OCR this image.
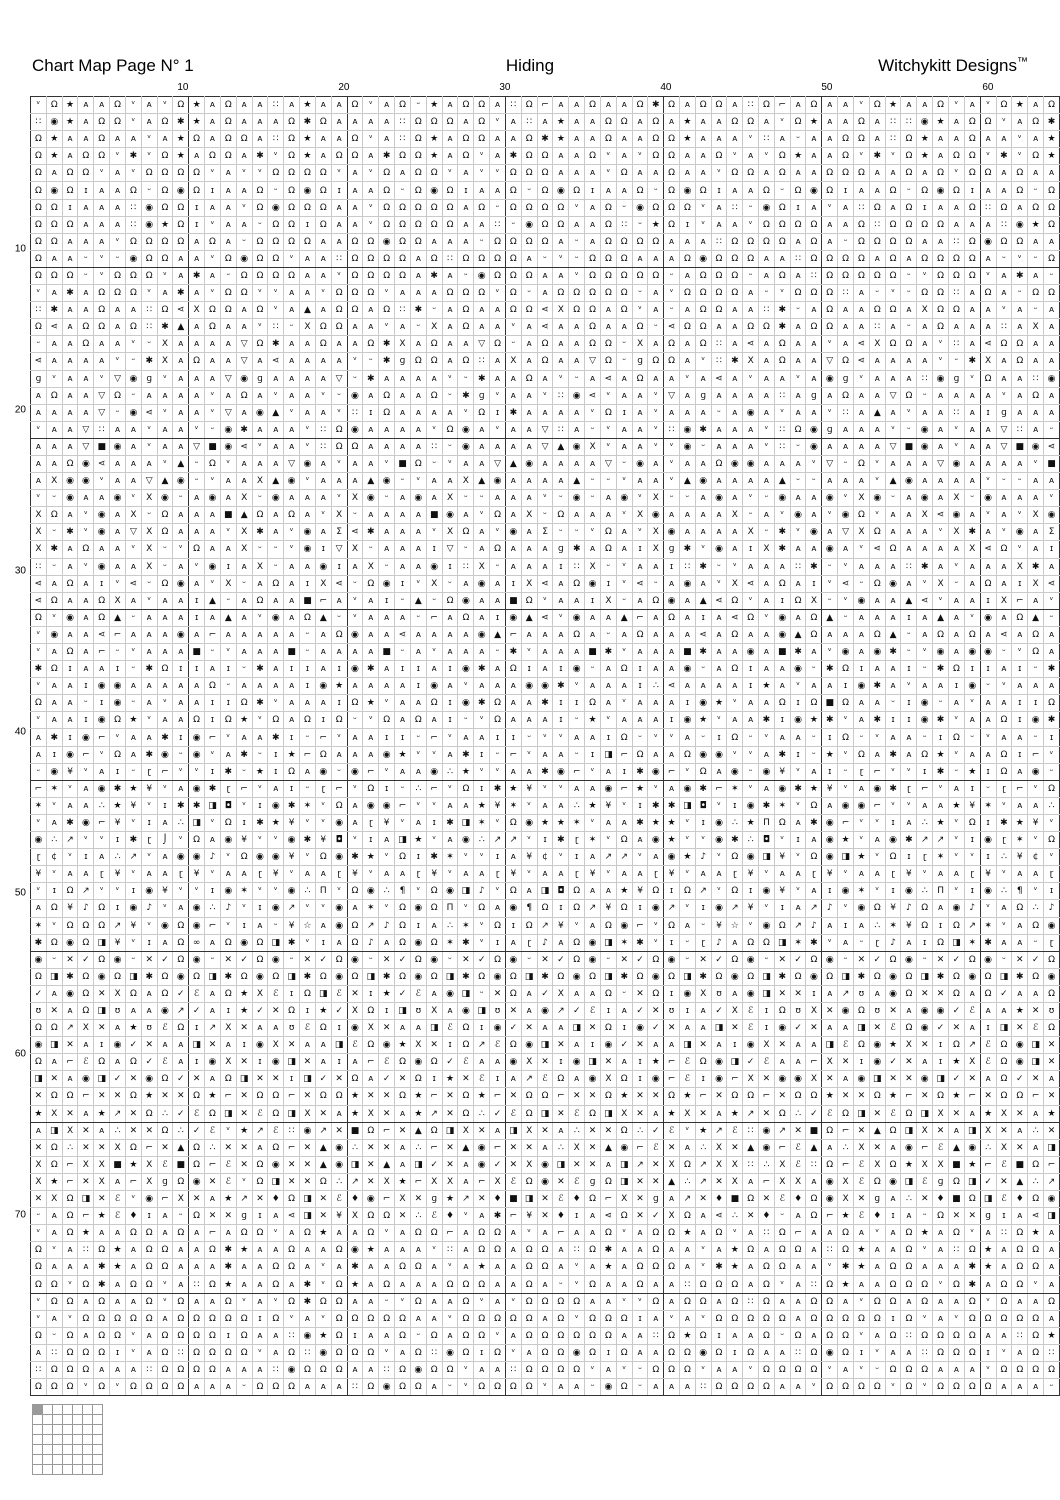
Chart Map Page N° 1	Hiding	Witchykitt Designs™
10	20	30	40	50	60
10
20
30
40
50
60
70
ᵛ	Ω	★	ᴀ	ᴀ	Ω	ᵛ	ᴀ	ᵛ	Ω	★	ᴀ	Ω	ᴀ	ᴀ	∷	ᴀ	★	ᴀ	ᴀ	Ω	ᵛ	ᴀ	Ω	ᵕ	★	ᴀ	Ω	Ω	ᴀ	∷	Ω	⌐	ᴀ	ᴀ	Ω	ᴀ	ᴀ	Ω	✱	Ω	ᴀ	Ω	Ω	ᴀ	∷	Ω	⌐	ᴀ	Ω	ᴀ	ᴀ	ᵛ	Ω	★	ᴀ	ᴀ	Ω	ᵛ	ᴀ	ᵛ	Ω	★	ᴀ	Ω
∷	◉	★	ᴀ	Ω	Ω	ᵛ	ᴀ	Ω	✱	★	ᴀ	Ω	ᴀ	ᴀ	ᴀ	Ω	✱	Ω	ᴀ	ᴀ	ᴀ	ᴀ	∷	Ω	Ω	Ω	ᴀ	Ω	ᵛ	ᴀ	∷	ᴀ	★	ᴀ	ᴀ	Ω	Ω	ᴀ	Ω	ᴀ	★	ᴀ	ᴀ	Ω	Ω	ᴀ	ᵛ	Ω	★	ᴀ	ᴀ	Ω	ᴀ	∷	∷	◉	★	ᴀ	Ω	Ω	ᵛ	ᴀ	Ω	✱
Ω	★	ᴀ	ᴀ	Ω	ᴀ	ᴀ	ᵛ	ᴀ	★	Ω	ᴀ	Ω	Ω	ᴀ	∷	Ω	★	ᴀ	ᴀ	Ω	ᵛ	ᴀ	∷	Ω	★	ᴀ	Ω	Ω	ᴀ	ᴀ	Ω	✱	★	ᴀ	ᴀ	Ω	ᴀ	ᴀ	Ω	Ω	★	ᴀ	ᴀ	ᴀ	ᵛ	∷	ᴀ	ᵕ	ᴀ	ᴀ	Ω	Ω	ᴀ	∷	Ω	★	ᴀ	ᴀ	Ω	ᴀ	ᴀ	ᵛ	ᴀ	★
Ω	★	ᴀ	Ω	Ω	ᵛ	✱	ᵛ	Ω	★	ᴀ	Ω	Ω	ᴀ	✱	ᵛ	Ω	★	ᴀ	Ω	Ω	ᴀ	✱	Ω	Ω	★	ᴀ	Ω	ᵛ	ᴀ	✱	Ω	Ω	ᴀ	ᴀ	Ω	ᵛ	ᴀ	ᵛ	Ω	Ω	ᴀ	ᴀ	Ω	ᵛ	ᴀ	ᵛ	Ω	★	ᴀ	ᴀ	Ω	ᵛ	✱	ᵛ	Ω	★	ᴀ	Ω	Ω	ᵛ	✱	ᵛ	Ω	★
Ω	ᴀ	Ω	Ω	ᵛ	ᴀ	ᵛ	Ω	Ω	Ω	Ω	ᵛ	ᴀ	ᵛ	ᵛ	Ω	Ω	Ω	Ω	ᵛ	ᴀ	ᵛ	Ω	ᴀ	Ω	Ω	ᵛ	ᴀ	ᵛ	ᵛ	Ω	Ω	Ω	ᴀ	ᴀ	ᴀ	ᵛ	Ω	ᴀ	ᴀ	Ω	ᴀ	ᴀ	ᵛ	Ω	Ω	ᴀ	Ω	ᴀ	ᴀ	Ω	Ω	Ω	ᴀ	ᴀ	Ω	ᴀ	Ω	ᵛ	Ω	Ω	ᴀ	Ω	ᴀ	ᴀ
Ω	◉	Ω	ɪ	ᴀ	ᴀ	Ω	ᵕ	Ω	◉	Ω	ɪ	ᴀ	ᴀ	Ω	ᵕ	Ω	◉	Ω	ɪ	ᴀ	ᴀ	Ω	ᵕ	Ω	◉	Ω	ɪ	ᴀ	ᴀ	Ω	ᵕ	Ω	◉	Ω	ɪ	ᴀ	ᴀ	Ω	ᵕ	Ω	◉	Ω	ɪ	ᴀ	ᴀ	Ω	ᵕ	Ω	◉	Ω	ɪ	ᴀ	ᴀ	Ω	ᵕ	Ω	◉	Ω	ɪ	ᴀ	ᴀ	Ω	ᵕ	Ω
Ω	Ω	ɪ	ᴀ	ᴀ	ᴀ	∷	◉	Ω	Ω	ɪ	ᴀ	ᴀ	ᵛ	Ω	◉	Ω	Ω	Ω	ᴀ	ᴀ	ᵛ	Ω	Ω	Ω	Ω	Ω	ᴀ	Ω	ᵕ	Ω	Ω	Ω	Ω	ᵛ	ᴀ	Ω	ᵕ	◉	Ω	Ω	Ω	ᵛ	ᴀ	∷	ᵕ	◉	Ω	ɪ	ᴀ	ᵛ	ᴀ	∷	Ω	ᴀ	Ω	ɪ	ᴀ	ᴀ	Ω	∷	Ω	ᴀ	Ω	Ω
Ω	Ω	Ω	ᴀ	ᴀ	ᴀ	∷	◉	★	Ω	ɪ	ᵛ	ᴀ	ᴀ	ᵕ	Ω	Ω	ɪ	Ω	ᴀ	ᴀ	ᵛ	Ω	Ω	Ω	Ω	Ω	ᴀ	ᴀ	∷	ᵕ	◉	Ω	Ω	ᴀ	ᴀ	Ω	∷	ᵕ	★	Ω	ɪ	ᵛ	ᴀ	ᴀ	ᵛ	Ω	Ω	Ω	Ω	ᴀ	ᴀ	Ω	∷	Ω	Ω	Ω	Ω	ᴀ	ᴀ	ᴀ	∷	◉	★	Ω
Ω	Ω	ᴀ	ᴀ	ᴀ	ᵛ	Ω	Ω	Ω	Ω	ᴀ	Ω	ᴀ	ᵕ	Ω	Ω	Ω	Ω	ᴀ	ᴀ	Ω	Ω	◉	Ω	Ω	ᴀ	ᴀ	ᴀ	ᵕ	Ω	Ω	Ω	Ω	ᴀ	ᵕ	ᴀ	Ω	Ω	Ω	Ω	ᴀ	ᴀ	ᴀ	∷	Ω	Ω	Ω	Ω	ᴀ	Ω	ᴀ	ᵕ	Ω	Ω	Ω	Ω	ᴀ	ᴀ	∷	Ω	◉	Ω	Ω	ᴀ	ᴀ
Ω	ᴀ	ᴀ	ᵕ	ᵛ	ᵕ	◉	Ω	Ω	ᴀ	ᴀ	ᵛ	Ω	◉	Ω	Ω	ᵛ	ᴀ	ᴀ	∷	Ω	Ω	Ω	Ω	ᴀ	Ω	∷	Ω	Ω	Ω	Ω	ᴀ	ᵕ	ᵛ	ᵕ	Ω	Ω	Ω	ᴀ	ᴀ	ᴀ	Ω	◉	Ω	Ω	Ω	ᴀ	ᴀ	∷	Ω	Ω	Ω	Ω	ᴀ	Ω	ᴀ	Ω	Ω	Ω	Ω	ᴀ	ᵕ	ᵛ	ᵕ	Ω
Ω	Ω	Ω	ᵕ	ᵛ	Ω	Ω	Ω	ᵛ	ᴀ	✱	ᴀ	ᵕ	Ω	Ω	Ω	Ω	ᴀ	ᴀ	ᵛ	Ω	Ω	Ω	Ω	ᴀ	✱	ᴀ	ᵕ	◉	Ω	Ω	Ω	ᴀ	ᴀ	ᵛ	Ω	Ω	Ω	Ω	Ω	ᵕ	ᴀ	Ω	Ω	Ω	ᵕ	ᴀ	Ω	ᴀ	∷	Ω	Ω	Ω	Ω	Ω	ᵕ	ᵛ	Ω	Ω	Ω	ᵛ	ᴀ	✱	ᴀ	ᵕ
ᵛ	ᴀ	✱	ᴀ	Ω	Ω	Ω	ᵛ	ᴀ	✱	ᴀ	ᵛ	Ω	Ω	ᵛ	ᵛ	ᴀ	ᴀ	ᵛ	Ω	Ω	Ω	ᵛ	ᴀ	ᴀ	ᴀ	Ω	Ω	Ω	ᵛ	Ω	ᵕ	ᴀ	Ω	Ω	Ω	Ω	Ω	ᵕ	ᴀ	ᵛ	Ω	Ω	Ω	Ω	ᴀ	ᵕ	ᵛ	Ω	Ω	Ω	∷	ᴀ	ᵕ	ᵛ	ᵕ	Ω	Ω	∷	ᴀ	Ω	ᴀ	ᵕ	Ω	Ω
∷	✱	ᴀ	ᴀ	Ω	ᴀ	ᴀ	∷	Ω	⋖	Χ	Ω	Ω	ᴀ	Ω	ᵛ	ᴀ	▲	ᴀ	Ω	Ω	ᴀ	Ω	∷	✱	ᵕ	ᴀ	Ω	ᴀ	ᴀ	Ω	Ω	⋖	Χ	Ω	Ω	ᴀ	Ω	ᵛ	ᴀ	ᵕ	ᴀ	Ω	Ω	ᴀ	ᴀ	∷	✱	ᵕ	ᴀ	Ω	ᴀ	ᴀ	Ω	Ω	ᴀ	Χ	Ω	Ω	ᴀ	ᴀ	ᵛ	ᴀ	ᵕ	ᴀ
Ω	⋖	ᴀ	Ω	Ω	ᴀ	Ω	∷	✱	▲	ᴀ	Ω	ᴀ	ᴀ	ᵛ	∷	ᵕ	Χ	Ω	Ω	ᴀ	ᴀ	ᵛ	ᴀ	ᵕ	Χ	ᴀ	Ω	ᴀ	ᴀ	ᵛ	ᴀ	⋖	ᴀ	ᴀ	Ω	ᴀ	ᴀ	Ω	ᵕ	⋖	Ω	Ω	ᴀ	ᴀ	Ω	Ω	✱	ᴀ	Ω	Ω	ᴀ	ᴀ	∷	ᴀ	ᵕ	ᴀ	Ω	ᴀ	ᴀ	ᴀ	∷	ᴀ	Χ	ᴀ
ᵕ	ᴀ	ᴀ	Ω	ᴀ	ᴀ	ᵛ	ᵕ	Χ	ᴀ	ᴀ	ᴀ	ᴀ	▽	Ω	✱	ᴀ	ᴀ	Ω	ᴀ	ᴀ	Ω	✱	Χ	ᴀ	Ω	ᴀ	ᴀ	▽	Ω	ᵕ	ᴀ	Ω	ᴀ	ᴀ	Ω	Ω	ᵕ	Χ	ᴀ	Ω	ᴀ	Ω	∷	ᴀ	⋖	ᴀ	Ω	ᴀ	ᴀ	ᵛ	ᴀ	⋖	Χ	Ω	Ω	ᴀ	ᵛ	∷	ᴀ	⋖	Ω	Ω	ᴀ	ᴀ
⋖	ᴀ	ᴀ	ᴀ	ᴀ	ᵛ	ᵕ	✱	Χ	ᴀ	Ω	ᴀ	ᴀ	▽	ᴀ	⋖	ᴀ	ᴀ	ᴀ	ᴀ	ᵛ	ᵕ	✱	ɡ	Ω	Ω	ᴀ	Ω	∷	ᴀ	Χ	ᴀ	Ω	ᴀ	ᴀ	▽	Ω	ᵕ	ɡ	Ω	Ω	ᴀ	ᵛ	∷	✱	Χ	ᴀ	Ω	ᴀ	ᴀ	▽	Ω	⋖	ᴀ	ᴀ	ᴀ	ᴀ	ᵛ	ᵕ	✱	Χ	ᴀ	Ω	ᴀ	ᴀ
ɡ	ᵛ	ᴀ	ᴀ	ᵛ	▽	◉	ɡ	ᵛ	ᴀ	ᴀ	ᴀ	▽	◉	ɡ	ᴀ	ᴀ	ᴀ	ᴀ	▽	ᵕ	✱	ᴀ	ᴀ	ᴀ	ᴀ	ᵛ	ᵕ	✱	ᴀ	ᴀ	Ω	ᴀ	ᵛ	ᵕ	ᴀ	⋖	ᴀ	Ω	ᴀ	ᴀ	ᵛ	ᴀ	⋖	ᴀ	ᵛ	ᴀ	ᴀ	ᵛ	ᴀ	◉	ɡ	ᵛ	ᴀ	ᴀ	ᴀ	∷	◉	ɡ	ᵛ	Ω	ᴀ	ᴀ	∷	◉
ᴀ	Ω	ᴀ	ᴀ	▽	Ω	ᵕ	ᴀ	ᴀ	ᴀ	ᴀ	ᵛ	ᴀ	Ω	ᴀ	ᵛ	ᴀ	ᴀ	ᵛ	ᵕ	◉	ᴀ	Ω	ᴀ	ᴀ	Ω	ᵕ	✱	ɡ	ᵛ	ᴀ	ᴀ	ᵛ	∷	◉	⋖	ᵛ	ᴀ	ᴀ	ᵛ	▽	ᴀ	ɡ	ᴀ	ᴀ	ᴀ	ᴀ	∷	ᴀ	ɡ	ᴀ	Ω	ᴀ	ᴀ	▽	Ω	ᵕ	ᴀ	ᴀ	ᴀ	ᴀ	ᵛ	ᴀ	Ω	ᴀ
ᴀ	ᴀ	ᴀ	ᴀ	▽	ᵕ	◉	⋖	ᵛ	ᴀ	ᴀ	ᵛ	▽	ᴀ	◉	▲	ᵛ	ᴀ	ᴀ	ᵛ	∷	ɪ	Ω	ᴀ	ᴀ	ᴀ	ᴀ	ᵛ	Ω	ɪ	✱	ᴀ	ᴀ	ᴀ	ᴀ	ᵛ	Ω	ɪ	ᴀ	ᵛ	ᴀ	ᴀ	ᴀ	ᵕ	ᴀ	◉	ᴀ	ᵛ	ᴀ	ᴀ	ᵛ	∷	ᴀ	▲	ᴀ	ᵛ	ᴀ	ᴀ	∷	ᴀ	ɪ	ɡ	ᴀ	ᴀ	ᴀ
ᵛ	ᴀ	ᴀ	▽	∷	ᴀ	ᴀ	ᵛ	ᴀ	ᴀ	ᵛ	ᵕ	◉	✱	ᴀ	ᴀ	ᴀ	ᵛ	∷	Ω	◉	ᴀ	ᴀ	ᴀ	ᴀ	ᵛ	Ω	◉	ᴀ	ᵛ	ᴀ	ᴀ	▽	∷	ᴀ	ᵕ	ᵛ	ᴀ	ᴀ	ᵛ	∷	◉	✱	ᴀ	ᴀ	ᴀ	ᵛ	∷	Ω	◉	ɡ	ᴀ	ᴀ	ᴀ	ᵛ	ᵕ	◉	ᴀ	ᵛ	ᴀ	ᴀ	▽	∷	ᴀ	ᵕ
ᴀ	ᴀ	ᴀ	▽	■	◉	ᴀ	ᵛ	ᴀ	ᴀ	▽	■	◉	⋖	ᵛ	ᴀ	ᴀ	ᵛ	∷	Ω	Ω	ᴀ	ᴀ	ᴀ	ᴀ	∷	ᵕ	◉	ᴀ	ᴀ	ᴀ	ᴀ	▽	▲	◉	Χ	ᵛ	ᴀ	ᴀ	ᵛ	ᵛ	◉	ᵕ	ᴀ	ᴀ	ᴀ	ᵛ	∷	ᵕ	◉	ᴀ	ᴀ	ᴀ	ᴀ	▽	■	◉	ᴀ	ᵛ	ᴀ	ᴀ	▽	■	◉	⋖
ᴀ	ᴀ	Ω	◉	⋖	ᴀ	ᴀ	ᴀ	ᵛ	▲	ᵕ	Ω	ᵛ	ᴀ	ᴀ	ᴀ	▽	◉	ᴀ	ᵛ	ᴀ	ᴀ	ᵛ	■	Ω	ᵕ	ᵛ	ᴀ	ᴀ	▽	▲	◉	ᴀ	ᴀ	ᴀ	ᴀ	▽	ᵕ	◉	ᴀ	ᵛ	ᴀ	ᴀ	Ω	◉	◉	ᴀ	ᴀ	ᴀ	ᵛ	▽	ᵕ	Ω	ᵛ	ᴀ	ᴀ	ᴀ	▽	◉	ᴀ	ᴀ	ᴀ	ᴀ	ᵛ	■
ᴀ	Χ	◉	◉	ᵛ	ᴀ	ᴀ	▽	▲	◉	ᵕ	ᵛ	ᴀ	ᴀ	Χ	▲	◉	ᵛ	ᴀ	ᴀ	ᴀ	▲	◉	ᵕ	ᵛ	ᴀ	ᴀ	Χ	▲	◉	ᴀ	ᴀ	ᴀ	ᴀ	▲	ᵕ	ᵕ	ᵛ	ᴀ	ᴀ	ᵛ	▲	◉	ᴀ	ᴀ	ᴀ	ᴀ	▲	ᵕ	ᵕ	ᴀ	ᴀ	ᴀ	ᵛ	▲	◉	ᴀ	ᴀ	ᴀ	ᴀ	ᵛ	ᵕ	ᵕ	ᴀ	ᴀ
ᵛ	ᵕ	◉	ᴀ	ᴀ	◉	ᵛ	Χ	◉	ᵕ	ᴀ	◉	ᴀ	Χ	ᵕ	◉	ᴀ	ᴀ	ᴀ	ᵛ	Χ	◉	ᵕ	ᴀ	◉	ᴀ	Χ	ᵕ	ᵕ	ᴀ	ᴀ	ᴀ	ᵛ	ᵕ	◉	ᵕ	ᴀ	◉	ᵛ	Χ	ᵕ	ᵕ	ᴀ	◉	ᴀ	ᵛ	ᵕ	◉	ᴀ	ᴀ	◉	ᵛ	Χ	◉	ᵕ	ᴀ	◉	ᴀ	Χ	ᵕ	◉	ᴀ	ᴀ	ᴀ	ᵛ
Χ	Ω	ᴀ	ᵛ	◉	ᴀ	Χ	ᵕ	Ω	ᴀ	ᴀ	ᴀ	■	▲	Ω	ᴀ	Ω	ᴀ	ᵛ	Χ	ᵕ	ᴀ	ᴀ	ᴀ	ᴀ	■	◉	ᴀ	ᵛ	Ω	ᴀ	Χ	ᵕ	Ω	ᴀ	ᴀ	ᴀ	ᵛ	Χ	◉	ᴀ	ᴀ	ᴀ	ᴀ	Χ	ᵕ	ᴀ	ᵛ	◉	ᴀ	ᵛ	◉	Ω	ᵛ	ᴀ	ᴀ	Χ	⋖	◉	ᴀ	ᵛ	ᴀ	ᵛ	Χ	◉
Χ	ᵕ	✱	ᵛ	◉	ᴀ	▽	Χ	Ω	ᴀ	ᴀ	ᴀ	ᵛ	Χ	✱	ᴀ	ᵛ	◉	ᴀ	Σ	⋖	✱	ᴀ	ᴀ	ᴀ	ᵛ	Χ	Ω	ᴀ	ᵛ	◉	ᴀ	Σ	ᵕ	ᵕ	ᵛ	Ω	ᴀ	ᵛ	Χ	◉	ᴀ	ᴀ	ᴀ	ᴀ	Χ	ᵕ	✱	ᵛ	◉	ᴀ	▽	Χ	Ω	ᴀ	ᴀ	ᴀ	ᵛ	Χ	✱	ᴀ	ᵛ	◉	ᴀ	Σ
Χ	✱	ᴀ	Ω	ᴀ	ᴀ	ᵛ	Χ	ᵕ	ᵛ	Ω	ᴀ	ᴀ	Χ	ᵕ	ᵕ	ᵛ	◉	ɪ	▽	Χ	ᵕ	ᴀ	ᴀ	ᴀ	ɪ	▽	ᵕ	ᴀ	Ω	ᴀ	ᴀ	ᴀ	ɡ	✱	ᴀ	Ω	ᴀ	ɪ	Χ	ɡ	✱	ᵛ	◉	ᴀ	ɪ	Χ	✱	ᴀ	ᴀ	◉	ᴀ	ᵛ	⋖	Ω	ᴀ	ᴀ	ᴀ	ᴀ	Χ	⋖	Ω	ᵛ	ᴀ	ɪ
∷	ᵕ	ᴀ	ᵛ	◉	ᴀ	ᴀ	Χ	ᵕ	ᴀ	ᵛ	◉	ɪ	ᴀ	Χ	ᵕ	ᴀ	ᴀ	◉	ɪ	ᴀ	Χ	ᵕ	ᴀ	ᴀ	◉	ɪ	∷	Χ	ᵕ	ᴀ	ᴀ	ᴀ	ɪ	∷	Χ	ᵕ	ᵛ	ᴀ	ᴀ	ɪ	∷	✱	ᵕ	ᵛ	ᴀ	ᴀ	ᴀ	∷	✱	ᵕ	ᵛ	ᴀ	ᴀ	ᴀ	∷	✱	ᴀ	ᵛ	ᴀ	ᴀ	ᴀ	Χ	✱	ᴀ
⋖	ᴀ	Ω	ᴀ	ɪ	ᵛ	⋖	ᵕ	Ω	◉	ᴀ	ᵛ	Χ	ᵕ	ᴀ	Ω	ᴀ	ɪ	Χ	⋖	ᵕ	Ω	◉	ɪ	ᵛ	Χ	ᵕ	ᴀ	◉	ᴀ	ɪ	Χ	⋖	ᴀ	Ω	◉	ɪ	ᵛ	⋖	ᵕ	ᴀ	◉	ᴀ	ᵛ	Χ	⋖	ᴀ	Ω	ᴀ	ɪ	ᵛ	⋖	ᵕ	Ω	◉	ᴀ	ᵛ	Χ	ᵕ	ᴀ	Ω	ᴀ	ɪ	Χ	⋖
⋖	Ω	ᴀ	ᴀ	Ω	Χ	ᴀ	ᵛ	ᴀ	ᴀ	ɪ	▲	ᵕ	ᴀ	Ω	ᴀ	ᴀ	■	⌐	ᴀ	ᵛ	ᴀ	ɪ	ᵕ	▲	ᵕ	Ω	◉	ᴀ	ᴀ	■	Ω	ᵛ	ᴀ	ᴀ	ɪ	Χ	ᵕ	ᴀ	Ω	◉	ᴀ	▲	⋖	Ω	ᵛ	ᴀ	ɪ	Ω	Χ	ᵕ	ᵛ	◉	ᴀ	ᴀ	▲	⋖	ᵛ	ᴀ	ᴀ	ɪ	Χ	⌐	ᴀ	ᵛ
Ω	ᵛ	◉	ᴀ	Ω	▲	ᵕ	ᴀ	ᴀ	ᴀ	ɪ	ᴀ	▲	ᴀ	ᵛ	◉	ᴀ	Ω	▲	ᵕ	ᵛ	ᴀ	ᴀ	ᴀ	ᵕ	⌐	ᴀ	Ω	ᴀ	ɪ	◉	▲	⋖	ᵛ	◉	ᴀ	ᴀ	▲	⌐	ᴀ	Ω	ᴀ	ɪ	ᴀ	⋖	Ω	ᵛ	◉	ᴀ	Ω	▲	ᵕ	ᴀ	ᴀ	ᴀ	ɪ	ᴀ	▲	ᴀ	ᵛ	◉	ᴀ	Ω	▲	ᵕ
ᵛ	◉	ᴀ	ᴀ	⋖	⌐	ᴀ	ᴀ	ᴀ	◉	ᴀ	⌐	ᴀ	ᴀ	ᴀ	ᴀ	ᴀ	ᵕ	ᴀ	Ω	◉	ᴀ	ᴀ	⋖	ᴀ	ᴀ	ᴀ	ᴀ	◉	▲	⌐	ᴀ	ᴀ	ᴀ	Ω	ᴀ	ᵕ	ᴀ	Ω	ᴀ	ᴀ	ᴀ	⋖	ᴀ	Ω	ᴀ	ᴀ	◉	▲	Ω	ᴀ	ᴀ	ᴀ	Ω	▲	ᵕ	ᴀ	Ω	ᴀ	Ω	ᴀ	⋖	ᴀ	Ω	ᴀ
ᵛ	ᴀ	Ω	ᴀ	⌐	ᵕ	ᵛ	ᴀ	ᴀ	ᴀ	■	ᵕ	ᵛ	ᴀ	ᴀ	ᴀ	■	ᵕ	ᴀ	ᴀ	ᴀ	ᴀ	■	ᵕ	ᴀ	ᵛ	ᴀ	ᴀ	ᴀ	ᵕ	✱	ᵛ	ᴀ	ᴀ	ᴀ	■	✱	ᵛ	ᴀ	ᴀ	ᴀ	■	✱	ᴀ	ᴀ	◉	ᴀ	■	✱	ᴀ	ᵛ	◉	ᴀ	◉	✱	ᵕ	ᵛ	◉	ᴀ	◉	◉	ᵕ	ᵛ	Ω	ᴀ
✱	Ω	ɪ	ᴀ	ᴀ	ɪ	ᵕ	✱	Ω	ɪ	ɪ	ᴀ	ɪ	ᵕ	✱	ᴀ	ɪ	ɪ	ᴀ	ɪ	◉	✱	ᴀ	ɪ	ɪ	ᴀ	ɪ	◉	✱	ᴀ	Ω	ɪ	ᴀ	ɪ	◉	ᵕ	ᴀ	Ω	ɪ	ᴀ	ᴀ	◉	ᵕ	ᴀ	Ω	ɪ	ᴀ	ᴀ	◉	ᵕ	✱	Ω	ɪ	ᴀ	ᴀ	ɪ	ᵕ	✱	Ω	ɪ	ɪ	ᴀ	ɪ	ᵕ	✱
ᵛ	ᴀ	ᴀ	ɪ	◉	◉	ᴀ	ᴀ	ᴀ	ᴀ	ᴀ	Ω	ᵕ	ᴀ	ᴀ	ᴀ	ᴀ	ɪ	◉	★	ᴀ	ᴀ	ᴀ	ᴀ	ɪ	◉	ᴀ	ᵛ	ᴀ	ᴀ	ᴀ	◉	◉	✱	ᵛ	ᴀ	ᴀ	ᴀ	ɪ	∴	⋖	ᴀ	ᴀ	ᴀ	ᴀ	ɪ	★	ᴀ	ᵛ	ᴀ	ᴀ	ɪ	◉	✱	ᴀ	ᵛ	ᴀ	ᴀ	ɪ	◉	ᵕ	ᵛ	ᴀ	ᴀ	ᴀ
Ω	ᴀ	ᴀ	ᵕ	ɪ	◉	ᵕ	ᴀ	ᵛ	ᴀ	ᴀ	ɪ	ɪ	Ω	✱	ᵛ	ᴀ	ᴀ	ᴀ	ɪ	Ω	★	ᵛ	ᴀ	ᴀ	Ω	ɪ	◉	✱	Ω	ᴀ	ᴀ	✱	ɪ	ɪ	Ω	ᴀ	ᵛ	ᴀ	ᴀ	ᴀ	ɪ	◉	★	ᵛ	ᴀ	ᴀ	Ω	ɪ	Ω	■	Ω	ᴀ	ᴀ	ᵕ	ɪ	◉	ᵕ	ᴀ	ᵛ	ᴀ	ᴀ	ɪ	ɪ	Ω
ᵛ	ᴀ	ᴀ	ɪ	◉	Ω	★	ᵛ	ᴀ	ᴀ	Ω	ɪ	Ω	★	ᵛ	Ω	ᴀ	Ω	ɪ	Ω	ᵕ	ᵛ	Ω	ᴀ	Ω	ᴀ	ɪ	ᵕ	ᵛ	Ω	ᴀ	ᴀ	ᴀ	ɪ	ᵕ	★	ᵛ	ᴀ	ᴀ	ᴀ	ɪ	◉	★	ᵛ	ᴀ	ᴀ	✱	ɪ	◉	★	✱	ᵛ	ᴀ	✱	ɪ	ɪ	◉	✱	ᵛ	ᴀ	ᴀ	Ω	ɪ	◉	✱
ᴀ	✱	ɪ	◉	⌐	ᵛ	ᴀ	ᴀ	✱	ɪ	◉	⌐	ᵛ	ᴀ	ᴀ	✱	ɪ	ᵕ	⌐	ᵛ	ᴀ	ᴀ	ɪ	ɪ	ᵕ	⌐	ᵛ	ᴀ	ᴀ	ɪ	ɪ	ᵕ	ᵛ	ᵛ	ᴀ	ᴀ	ɪ	Ω	ᵕ	ᵛ	ᵛ	ᴀ	ᵕ	ɪ	Ω	ᵕ	ᵛ	ᴀ	ᴀ	ᵕ	ɪ	Ω	ᵕ	ᵛ	ᴀ	ᴀ	ᵕ	ɪ	Ω	ᵕ	ᵛ	ᴀ	ᴀ	ᵕ	ɪ
ᴀ	ɪ	◉	⌐	ᵛ	Ω	ᴀ	✱	◉	ᵕ	◉	ᵛ	ᴀ	✱	ᵕ	ɪ	★	⌐	Ω	ᴀ	ᴀ	ᴀ	◉	★	ᵛ	ᵛ	ᴀ	✱	ɪ	ᵕ	⌐	ᵛ	ᴀ	ᴀ	ᵕ	ɪ	◨	⌐	Ω	ᴀ	ᴀ	Ω	◉	◉	ᵛ	ᵛ	ᴀ	✱	ɪ	ᵕ	★	ᵛ	Ω	ᴀ	✱	ᴀ	Ω	★	ᵛ	ᴀ	ᴀ	Ω	ɪ	⌐	ᵛ
ᵕ	◉	¥	ᵛ	ᴀ	ɪ	ᵕ	ɽ	⌐	ᵛ	ᵛ	ɪ	✱	ᵕ	★	ɪ	Ω	ᴀ	◉	ᵕ	◉	⌐	ᵛ	ᴀ	ᴀ	◉	∴	★	ᵛ	ᵛ	ᴀ	ᴀ	✱	◉	⌐	ᵛ	ᴀ	ɪ	✱	◉	⌐	ᵛ	Ω	ᴀ	◉	ᵕ	◉	¥	ᵛ	ᴀ	ɪ	ᵕ	ɽ	⌐	ᵛ	ᵛ	ɪ	✱	ᵕ	★	ɪ	Ω	ᴀ	◉	ᵕ
⌐	✶	ᵛ	ᴀ	◉	✱	★	¥	ᵛ	ᴀ	◉	✱	ɽ	⌐	ᵛ	ᴀ	ɪ	ᵕ	ɽ	⌐	ᵛ	Ω	ɪ	ᵕ	∴	⌐	ᵛ	Ω	ɪ	✱	★	¥	ᵛ	ᵛ	ᴀ	ᴀ	◉	⌐	★	ᵛ	ᴀ	◉	✱	⌐	✶	ᵛ	ᴀ	◉	✱	★	¥	ᵛ	ᴀ	◉	✱	ɽ	⌐	ᵛ	ᴀ	ɪ	ᵕ	ɽ	⌐	ᵛ	Ω
✶	ᵛ	ᴀ	ᴀ	∴	★	¥	ᵛ	ɪ	✱	✱	◨	◘	ᵛ	ɪ	◉	✱	✶	ᵛ	Ω	ᴀ	◉	◉	⌐	ᵛ	ᵛ	ᴀ	ᴀ	★	¥	✶	ᵛ	ᴀ	ᴀ	∴	★	¥	ᵛ	ɪ	✱	✱	◨	◘	ᵛ	ɪ	◉	✱	✶	ᵛ	Ω	ᴀ	◉	◉	⌐	ᵛ	ᵛ	ᴀ	ᴀ	★	¥	✶	ᵛ	ᴀ	ᴀ	∴
ᵛ	ᴀ	✱	◉	⌐	¥	ᵛ	ɪ	ᴀ	∴	◨	ᵛ	Ω	ɪ	✱	★	¥	ᵛ	ᵛ	◉	ᴀ	ɽ	¥	ᵛ	ᴀ	ɪ	✱	◨	✶	ᵛ	Ω	◉	★	★	✶	ᵛ	ᴀ	ᴀ	✱	★	★	ᵛ	ɪ	◉	∴	★	Π	Ω	ᴀ	✱	◉	⌐	ᵛ	ᵛ	ɪ	ᴀ	∴	★	ᵛ	Ω	ɪ	✱	★	¥	ᵛ
◉	∴	↗	ᵛ	ᵛ	ɪ	✱	ɽ	⌡	ᵛ	Ω	ᴀ	◉	¥	ᵛ	ᵛ	◉	✱	¥	◘	ᵛ	ɪ	ᴀ	◨	★	ᵛ	ᴀ	◉	∴	↗	↗	ᵛ	ɪ	✱	ɽ	✶	ᵛ	Ω	ᴀ	◉	★	ᵛ	ᵛ	◉	✱	∴	◘	ᵛ	ɪ	ᴀ	◉	★	ᵛ	ᴀ	◉	✱	↗	↗	ᵛ	ɪ	◉	ɽ	✶	ᵛ	Ω
ɽ	¢	ᵛ	ɪ	ᴀ	∴	↗	ᵛ	ᴀ	◉	◉	♪	ᵛ	Ω	◉	◉	¥	ᵛ	Ω	◉	✱	★	ᵛ	Ω	ɪ	✱	✶	ᵛ	ᵛ	ɪ	ᴀ	¥	¢	ᵛ	ɪ	ᴀ	↗	↗	ᵛ	ᴀ	◉	★	♪	ᵛ	Ω	◉	◨	¥	ᵛ	Ω	◉	◨	★	ᵛ	Ω	ɪ	ɽ	✶	ᵛ	ᵛ	ɪ	∴	¥	¢	ᵛ
¥	ᵛ	ᴀ	ᴀ	ɽ	¥	ᵛ	ᴀ	ᴀ	ɽ	¥	ᵛ	ᴀ	ᴀ	ɽ	¥	ᵛ	ᴀ	ᴀ	ɽ	¥	ᵛ	ᴀ	ᴀ	ɽ	¥	ᵛ	ᴀ	ᴀ	ɽ	¥	ᵛ	ᴀ	ᴀ	ɽ	¥	ᵛ	ᴀ	ᴀ	ɽ	¥	ᵛ	ᴀ	ᴀ	ɽ	¥	ᵛ	ᴀ	ᴀ	ɽ	¥	ᵛ	ᴀ	ᴀ	ɽ	¥	ᵛ	ᴀ	ᴀ	ɽ	¥	ᵛ	ᴀ	ᴀ	ɽ
ᵛ	ɪ	Ω	↗	ᵛ	ᵛ	ɪ	◉	¥	ᵛ	ᵛ	ɪ	◉	✶	ᵛ	ᵛ	◉	∴	Π	ᵛ	Ω	◉	∴	¶	ᵛ	Ω	◉	◨	♪	ᵛ	Ω	ᴀ	◨	◘	Ω	ᴀ	ᴀ	★	¥	Ω	ɪ	Ω	↗	ᵛ	Ω	ɪ	◉	¥	ᵛ	ᴀ	ɪ	◉	✶	ᵛ	ɪ	◉	∴	Π	ᵛ	ɪ	◉	∴	¶	ᵛ	ɪ
ᴀ	Ω	¥	♪	Ω	ɪ	◉	♪	ᵛ	ᴀ	◉	∴	♪	ᵛ	ɪ	◉	↗	ᵛ	ᵛ	◉	ᴀ	✶	ᵛ	Ω	◉	Ω	Π	ᵛ	Ω	ᴀ	◉	¶	Ω	ɪ	Ω	↗	¥	Ω	ɪ	◉	↗	ᵛ	ɪ	◉	↗	¥	ᵛ	ɪ	ᴀ	↗	♪	ᵛ	◉	Ω	¥	♪	Ω	ᴀ	◉	♪	ᵛ	ᴀ	Ω	∴	♪
✶	ᵛ	Ω	Ω	Ω	↗	¥	ᵛ	◉	Ω	◉	⌐	ᵛ	ɪ	ᴀ	ᵕ	¥	☆	ᴀ	◉	Ω	↗	♪	Ω	ɪ	ᴀ	∴	✶	ᵛ	Ω	ɪ	Ω	↗	¥	ᵛ	ᴀ	Ω	◉	⌐	ᵛ	Ω	ᴀ	ᵕ	¥	☆	ᵛ	◉	Ω	↗	♪	ᴀ	ɪ	ᴀ	∴	✶	¥	Ω	ɪ	Ω	↗	✶	ᵛ	ᴀ	Ω	◉
✱	Ω	◉	Ω	◨	¥	ᵛ	ɪ	ᴀ	Ω	∞	ᴀ	Ω	◉	Ω	◨	✱	ᵛ	ɪ	ᴀ	Ω	♪	ᴀ	Ω	◉	Ω	✶	✱	ᵛ	ɪ	ᴀ	ɽ	♪	ᴀ	Ω	◉	◨	✶	✱	ᵛ	ɪ	ᵕ	ɽ	♪	ᴀ	Ω	Ω	◨	✶	✱	ᵛ	ᴀ	ᵕ	ɽ	♪	ᴀ	ɪ	Ω	◨	✶	✱	ᴀ	ᴀ	ᵕ	ɽ
◉	ᵕ	✕	✓	Ω	◉	ᵕ	✕	✓	Ω	◉	ᵕ	✕	✓	Ω	◉	ᵕ	✕	✓	Ω	◉	ᵕ	✕	✓	Ω	◉	ᵕ	✕	✓	Ω	◉	ᵕ	✕	✓	Ω	◉	ᵕ	✕	✓	Ω	◉	ᵕ	✕	✓	Ω	◉	ᵕ	✕	✓	Ω	◉	ᵕ	✕	✓	Ω	◉	ᵕ	✕	✓	Ω	◉	ᵕ	✕	✓	Ω
Ω	◨	✱	Ω	◉	Ω	◨	✱	Ω	◉	Ω	◨	✱	Ω	◉	Ω	◨	✱	Ω	◉	Ω	◨	✱	Ω	◉	Ω	◨	✱	Ω	◉	Ω	◨	✱	Ω	◉	Ω	◨	✱	Ω	◉	Ω	◨	✱	Ω	◉	Ω	◨	✱	Ω	◉	Ω	◨	✱	Ω	◉	Ω	◨	✱	Ω	◉	Ω	◨	✱	Ω	◉
✓	ᴀ	◉	Ω	✕	Χ	Ω	ᴀ	Ω	✓	ℰ	ᴀ	Ω	★	Χ	ℰ	ɪ	Ω	◨	ℰ	✕	ɪ	★	✓	ℰ	ᴀ	◉	◨	ᵕ	✕	Ω	ᴀ	✓	Χ	ᴀ	ᴀ	Ω	ᵕ	✕	Ω	ɪ	◉	Χ	ʊ	ᴀ	◉	◨	✕	✕	ɪ	ᴀ	↗	ʊ	ᴀ	◉	Ω	✕	✕	Ω	ᴀ	Ω	✓	ᴀ	ᴀ	Ω
ʊ	✕	ᴀ	Ω	◨	ʊ	ᴀ	ᴀ	◉	↗	✓	ᴀ	ɪ	★	✓	✕	Ω	ɪ	★	✓	Χ	Ω	ɪ	◨	ʊ	Χ	ᴀ	◉	◨	ʊ	✕	ᴀ	◉	↗	✓	ℰ	ɪ	ᴀ	✓	✕	ʊ	ɪ	ᴀ	✓	Χ	ℰ	ɪ	Ω	ʊ	Χ	✕	◉	Ω	ʊ	✕	ᴀ	◉	◉	✓	ℰ	ᴀ	ᴀ	★	✕	ʊ
Ω	Ω	↗	Χ	✕	ᴀ	★	ʊ	ℰ	Ω	ɪ	↗	Χ	✕	ᴀ	ᴀ	ʊ	ℰ	Ω	ɪ	◉	Χ	✕	ᴀ	ᴀ	◨	ℰ	Ω	ɪ	◉	✓	✕	ᴀ	ᴀ	◨	✕	Ω	ɪ	◉	✓	✕	ᴀ	ᴀ	◨	✕	ℰ	ɪ	◉	✓	✕	ᴀ	ᴀ	◨	✕	ℰ	Ω	◉	✓	✕	ᴀ	ɪ	◨	✕	ℰ	Ω
◉	◨	✕	ᴀ	ɪ	◉	✓	✕	ᴀ	ᴀ	◨	✕	ᴀ	ɪ	◉	Χ	✕	ᴀ	ᴀ	◨	ℰ	Ω	◉	★	Χ	✕	ɪ	Ω	↗	ℰ	Ω	◉	◨	✕	ᴀ	ɪ	◉	✓	✕	ᴀ	ᴀ	◨	✕	ᴀ	ɪ	◉	Χ	✕	ᴀ	ᴀ	◨	ℰ	Ω	◉	★	Χ	✕	ɪ	Ω	↗	ℰ	Ω	◉	◨	✕
Ω	ᴀ	⌐	ℰ	Ω	ᴀ	Ω	✓	ℰ	ᴀ	ɪ	◉	Χ	✕	ɪ	◉	◨	✕	ᴀ	ɪ	ᴀ	⌐	ℰ	Ω	◉	Ω	✓	ℰ	ᴀ	ᴀ	◉	Χ	✕	ɪ	◉	◨	✕	ᴀ	ɪ	★	⌐	ℰ	Ω	◉	◨	✓	ℰ	ᴀ	ᴀ	⌐	Χ	✕	ɪ	◉	✓	✕	ᴀ	ɪ	★	Χ	ℰ	Ω	◉	◨	✕
◨	✕	ᴀ	◉	◨	✓	✕	◉	Ω	✓	✕	ᴀ	Ω	◨	✕	✕	ɪ	◨	✓	✕	Ω	ᴀ	✓	✕	Ω	ɪ	★	✕	ℰ	ɪ	ᴀ	↗	ℰ	Ω	ᴀ	◉	Χ	Ω	ɪ	◉	⌐	ℰ	ɪ	◉	⌐	Χ	✕	◉	◉	Χ	✕	ᴀ	◉	◨	✕	✕	◉	◨	✓	✕	ᴀ	Ω	✓	✕	ᴀ
✕	Ω	Ω	⌐	✕	✕	Ω	★	✕	✕	Ω	★	⌐	✕	Ω	Ω	⌐	✕	Ω	Ω	★	✕	✕	Ω	★	⌐	✕	Ω	★	⌐	✕	Ω	Ω	⌐	✕	✕	Ω	★	✕	✕	Ω	★	⌐	✕	Ω	Ω	⌐	✕	Ω	Ω	★	✕	✕	Ω	★	⌐	✕	Ω	★	⌐	✕	Ω	Ω	⌐	✕
★	Χ	✕	ᴀ	★	↗	✕	Ω	∴	✓	ℰ	Ω	◨	✕	ℰ	Ω	◨	Χ	✕	ᴀ	★	Χ	✕	ᴀ	★	↗	✕	Ω	∴	✓	ℰ	Ω	◨	✕	ℰ	Ω	◨	Χ	✕	ᴀ	★	Χ	✕	ᴀ	★	↗	✕	Ω	∴	✓	ℰ	Ω	◨	✕	ℰ	Ω	◨	Χ	✕	ᴀ	★	Χ	✕	ᴀ	★
ᴀ	◨	Χ	✕	ᴀ	∴	✕	✕	Ω	∴	✓	ℰ	ᵛ	★	↗	ℰ	∷	◉	↗	✕	■	Ω	⌐	✕	▲	Ω	◨	Χ	✕	ᴀ	◨	Χ	✕	ᴀ	∴	✕	✕	Ω	∴	✓	ℰ	ᵛ	★	↗	ℰ	∷	◉	↗	✕	■	Ω	⌐	✕	▲	Ω	◨	Χ	✕	ᴀ	◨	Χ	✕	ᴀ	∴	✕
✕	Ω	∴	✕	✕	Χ	Ω	⌐	✕	▲	Ω	∴	✕	✕	ᴀ	Ω	⌐	✕	▲	◉	∴	✕	✕	ᴀ	∴	⌐	✕	▲	◉	⌐	✕	✕	ᴀ	∴	Χ	✕	▲	◉	⌐	ℰ	✕	ᴀ	∴	Χ	✕	▲	◉	⌐	ℰ	▲	ᴀ	∴	Χ	✕	ᴀ	◉	⌐	ℰ	▲	◉	∴	Χ	✕	ᴀ	◨
Χ	Ω	⌐	Χ	Χ	■	★	Χ	ℰ	■	Ω	⌐	ℰ	✕	Ω	◉	✕	✕	▲	◉	◨	✕	▲	ᴀ	◨	✓	✕	ᴀ	◉	✓	✕	Χ	◉	◨	✕	✕	ᴀ	◨	↗	✕	Χ	Ω	↗	Χ	Χ	∷	∴	Χ	ℰ	∷	Ω	⌐	ℰ	Χ	Ω	★	Χ	Χ	■	★	⌐	ℰ	■	Ω	⌐
Χ	★	⌐	✕	Χ	ᴀ	⌐	Χ	ɡ	Ω	◉	✕	ℰ	ᵛ	Ω	◨	✕	✕	Ω	∴	↗	✕	Χ	★	⌐	Χ	Χ	ᴀ	⌐	Χ	ℰ	Ω	◉	✕	ℰ	ɡ	Ω	◨	✕	✕	▲	∴	↗	✕	Χ	ᴀ	⌐	Χ	Χ	ᴀ	◉	Χ	ℰ	Ω	◉	◨	ℰ	ɡ	Ω	◨	✓	✕	▲	∴	↗
✕	Χ	Ω	◨	✕	ℰ	ᵛ	◉	⌐	Χ	✕	ᴀ	★	↗	✕	♦	Ω	◨	✕	ℰ	♦	◉	⌐	Χ	✕	ɡ	★	↗	✕	♦	■	◨	✕	ℰ	♦	Ω	⌐	Χ	✕	ɡ	ᴀ	↗	✕	♦	■	Ω	✕	ℰ	♦	Ω	◉	Χ	✕	ɡ	ᴀ	∴	✕	♦	■	Ω	◨	ℰ	♦	Ω	◉
ᵕ	ᴀ	Ω	⌐	★	ℰ	♦	ɪ	ᴀ	ᵕ	Ω	✕	✕	ɡ	ɪ	ᴀ	⋖	◨	✕	¥	Χ	Ω	Ω	✕	∴	ℰ	♦	ᵛ	ᴀ	✱	⌐	¥	✕	♦	ɪ	ᴀ	⋖	Ω	✕	✓	Χ	Ω	ᴀ	⋖	∴	✕	♦	ᵕ	ᴀ	Ω	⌐	★	ℰ	♦	ɪ	ᴀ	ᵕ	Ω	✕	✕	ɡ	ɪ	ᴀ	⋖	◨
ᵛ	ᴀ	Ω	★	ᴀ	ᴀ	Ω	Ω	ᴀ	Ω	ᴀ	⌐	ᴀ	Ω	Ω	ᵛ	ᴀ	Ω	★	ᴀ	ᴀ	Ω	ᵛ	ᴀ	Ω	Ω	⌐	ᴀ	Ω	Ω	ᴀ	ᵛ	ᴀ	⌐	ᴀ	ᴀ	Ω	ᵛ	ᴀ	Ω	Ω	★	ᴀ	Ω	ᵛ	ᴀ	∷	Ω	⌐	ᴀ	ᴀ	Ω	ᴀ	ᵛ	ᴀ	Ω	★	ᴀ	Ω	ᵛ	ᴀ	∷	Ω	★	ᴀ
Ω	ᵛ	ᴀ	∷	Ω	★	ᴀ	Ω	Ω	ᴀ	ᴀ	Ω	✱	★	ᴀ	ᴀ	Ω	ᴀ	ᴀ	Ω	◉	★	ᴀ	ᴀ	ᴀ	ᵛ	∷	ᴀ	Ω	Ω	ᴀ	Ω	Ω	ᴀ	∷	Ω	✱	ᴀ	ᴀ	Ω	ᴀ	ᴀ	ᵛ	ᴀ	★	Ω	ᴀ	Ω	Ω	ᴀ	∷	Ω	★	ᴀ	ᴀ	Ω	ᵛ	ᴀ	∷	Ω	★	ᴀ	Ω	Ω	ᴀ
Ω	ᴀ	ᴀ	ᴀ	✱	★	ᴀ	Ω	Ω	ᴀ	ᴀ	ᴀ	✱	ᴀ	ᴀ	Ω	Ω	ᴀ	ᵛ	ᴀ	✱	ᴀ	ᴀ	Ω	Ω	ᴀ	ᵛ	ᴀ	★	ᴀ	ᴀ	Ω	Ω	ᴀ	ᵛ	ᴀ	★	ᴀ	Ω	Ω	Ω	ᴀ	ᵛ	✱	★	ᴀ	Ω	Ω	ᴀ	ᴀ	ᵛ	✱	★	ᴀ	Ω	Ω	ᴀ	ᴀ	ᴀ	✱	★	ᴀ	Ω	Ω	ᴀ
Ω	Ω	ᵛ	Ω	✱	ᴀ	Ω	Ω	ᵛ	ᴀ	∷	Ω	★	ᴀ	ᴀ	Ω	ᴀ	✱	ᵛ	Ω	★	ᴀ	Ω	ᴀ	ᴀ	ᴀ	Ω	Ω	Ω	ᴀ	ᴀ	Ω	ᴀ	ᵕ	ᵛ	Ω	ᴀ	ᴀ	Ω	ᴀ	ᴀ	∷	Ω	Ω	Ω	ᴀ	Ω	ᵛ	ᴀ	∷	Ω	★	ᴀ	ᴀ	Ω	Ω	Ω	ᵛ	Ω	✱	ᴀ	Ω	Ω	ᵛ	ᴀ
ᵛ	Ω	Ω	ᴀ	Ω	ᴀ	ᴀ	Ω	ᵛ	Ω	ᴀ	ᴀ	Ω	ᵛ	ᴀ	ᵛ	Ω	✱	Ω	Ω	ᴀ	ᴀ	ᵕ	ᵛ	Ω	ᴀ	ᴀ	Ω	ᵛ	ᴀ	ᵛ	Ω	Ω	Ω	Ω	ᴀ	ᴀ	ᵛ	ᵛ	Ω	ᴀ	Ω	Ω	ᴀ	Ω	∷	Ω	ᴀ	ᴀ	Ω	Ω	ᴀ	ᵛ	Ω	Ω	ᴀ	Ω	ᴀ	ᴀ	Ω	ᵛ	Ω	ᴀ	ᴀ	Ω
ᵛ	ᴀ	ᵛ	Ω	Ω	Ω	Ω	Ω	ᴀ	Ω	Ω	Ω	Ω	Ω	ɪ	Ω	ᵛ	ᴀ	ᵛ	Ω	Ω	Ω	Ω	Ω	ᴀ	ᴀ	ᵛ	Ω	Ω	Ω	Ω	Ω	ᴀ	Ω	ᵛ	Ω	Ω	Ω	ɪ	ᴀ	ᵛ	ᴀ	ᵛ	Ω	Ω	Ω	Ω	Ω	ᴀ	Ω	Ω	Ω	Ω	Ω	ɪ	Ω	ᵛ	ᴀ	ᵛ	Ω	Ω	Ω	Ω	Ω	ᴀ
Ω	ᵕ	Ω	ᴀ	Ω	Ω	ᵛ	ᴀ	Ω	Ω	Ω	Ω	ɪ	Ω	ᴀ	ᴀ	∷	◉	★	Ω	ɪ	ᴀ	ᴀ	Ω	ᵕ	Ω	ᴀ	Ω	Ω	ᵛ	ᴀ	Ω	Ω	Ω	Ω	Ω	Ω	ᴀ	ᴀ	∷	Ω	★	Ω	ɪ	ᴀ	ᴀ	Ω	ᵕ	Ω	ᴀ	Ω	Ω	ᵛ	ᴀ	Ω	∷	Ω	Ω	Ω	Ω	ᴀ	ᴀ	∷	Ω	★
ᴀ	∷	Ω	Ω	Ω	ɪ	ᵛ	ᴀ	Ω	∷	Ω	Ω	Ω	Ω	ᵛ	ᴀ	Ω	∷	◉	Ω	Ω	Ω	ᵛ	ᴀ	Ω	∷	◉	Ω	ɪ	Ω	ᵛ	ᴀ	Ω	Ω	◉	Ω	ɪ	Ω	ᴀ	ᴀ	Ω	Ω	◉	Ω	ɪ	Ω	ᴀ	ᴀ	∷	Ω	◉	Ω	ɪ	ᵛ	ᴀ	ᴀ	∷	Ω	Ω	Ω	ɪ	ᵛ	ᴀ	Ω	∷
∷	Ω	Ω	Ω	ᴀ	ᴀ	ᴀ	∷	Ω	Ω	Ω	Ω	ᴀ	ᴀ	ᴀ	∷	◉	Ω	Ω	Ω	ᴀ	ᴀ	∷	Ω	◉	Ω	Ω	ᵛ	ᴀ	ᴀ	∷	Ω	Ω	Ω	Ω	ᵛ	ᴀ	ᵛ	ᵕ	Ω	Ω	Ω	ᵛ	ᴀ	ᴀ	ᵛ	Ω	Ω	Ω	Ω	ᵛ	ᴀ	ᵛ	ᵕ	Ω	Ω	Ω	ᴀ	ᴀ	ᴀ	ᵛ	Ω	Ω	Ω	Ω
Ω	Ω	Ω	ᵛ	Ω	ᵛ	Ω	Ω	Ω	Ω	ᴀ	ᴀ	ᴀ	ᵕ	Ω	Ω	Ω	ᴀ	ᴀ	ᴀ	∷	Ω	◉	Ω	Ω	ᴀ	ᵕ	ᵛ	Ω	Ω	Ω	Ω	ᵛ	ᴀ	ᴀ	ᵕ	◉	Ω	ᵕ	ᴀ	ᴀ	ᴀ	∷	Ω	Ω	Ω	Ω	ᴀ	ᴀ	ᵛ	Ω	Ω	Ω	Ω	ᵛ	Ω	ᵛ	Ω	Ω	Ω	Ω	ᴀ	ᴀ	ᴀ	ᵕ
